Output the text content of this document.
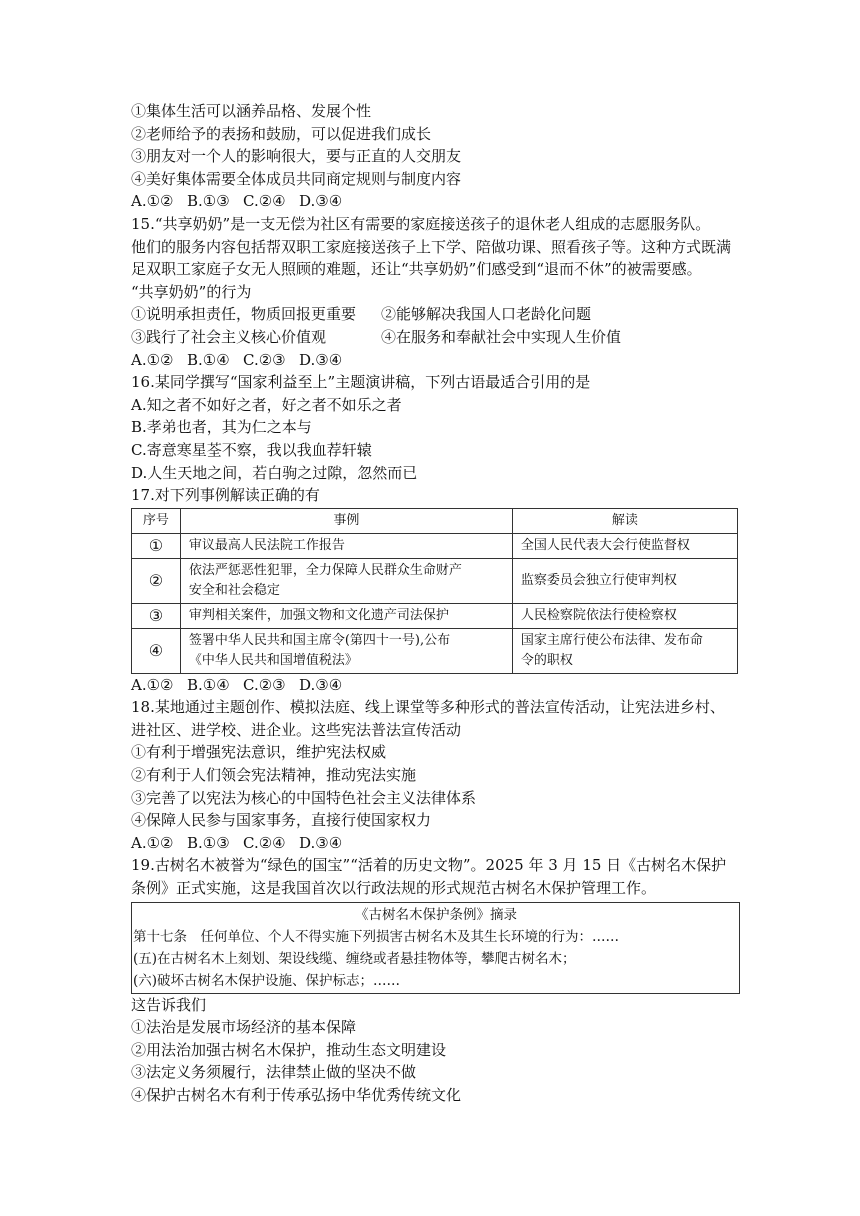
①集体生活可以涵养品格、发展个性
②老师给予的表扬和鼓励，可以促进我们成长
③朋友对一个人的影响很大，要与正直的人交朋友
④美好集体需要全体成员共同商定规则与制度内容
A.①② B.①③ C.②④ D.③④
15.“共享奶奶”是一支无偿为社区有需要的家庭接送孩子的退休老人组成的志愿服务队。
他们的服务内容包括帮双职工家庭接送孩子上下学、陪做功课、照看孩子等。这种方式既满
足双职工家庭子女无人照顾的难题，还让“共享奶奶”们感受到“退而不休”的被需要感。
“共享奶奶”的行为
①说明承担责任，物质回报更重要 ②能够解决我国人口老龄化问题
③践行了社会主义核心价值观	④在服务和奉献社会中实现人生价值
A.①② B.①④ C.②③ D.③④
16.某同学撰写“国家利益至上”主题演讲稿，下列古语最适合引用的是
A.知之者不如好之者，好之者不如乐之者
B.孝弟也者，其为仁之本与
C.寄意寒星荃不察，我以我血荐轩辕
D.人生天地之间，若白驹之过隙，忽然而已
17.对下列事例解读正确的有
序号	事例	解读
①	审议最高人民法院工作报告	全国人民代表大会行使监督权
②	依法严惩恶性犯罪，全力保障人民群众生命财产
安全和社会稳定	监察委员会独立行使审判权
③	审判相关案件，加强文物和文化遗产司法保护	人民检察院依法行使检察权
④	签署中华人民共和国主席令(第四十一号),公布
《中华人民共和国增值税法》	国家主席行使公布法律、发布命
令的职权
A.①② B.①④ C.②③ D.③④
18.某地通过主题创作、模拟法庭、线上课堂等多种形式的普法宣传活动，让宪法进乡村、
进社区、进学校、进企业。这些宪法普法宣传活动
①有利于增强宪法意识，维护宪法权威
②有利于人们领会宪法精神，推动宪法实施
③完善了以宪法为核心的中国特色社会主义法律体系
④保障人民参与国家事务，直接行使国家权力
A.①② B.①③ C.②④ D.③④
19.古树名木被誉为“绿色的国宝”“活着的历史文物”。2025 年 3 月 15 日《古树名木保护
条例》正式实施，这是我国首次以行政法规的形式规范古树名木保护管理工作。
《古树名木保护条例》摘录
第十七条　任何单位、个人不得实施下列损害古树名木及其生长环境的行为：……
(五)在古树名木上刻划、架设线缆、缠绕或者悬挂物体等，攀爬古树名木；
(六)破坏古树名木保护设施、保护标志；……
这告诉我们
①法治是发展市场经济的基本保障
②用法治加强古树名木保护，推动生态文明建设
③法定义务须履行，法律禁止做的坚决不做
④保护古树名木有利于传承弘扬中华优秀传统文化
